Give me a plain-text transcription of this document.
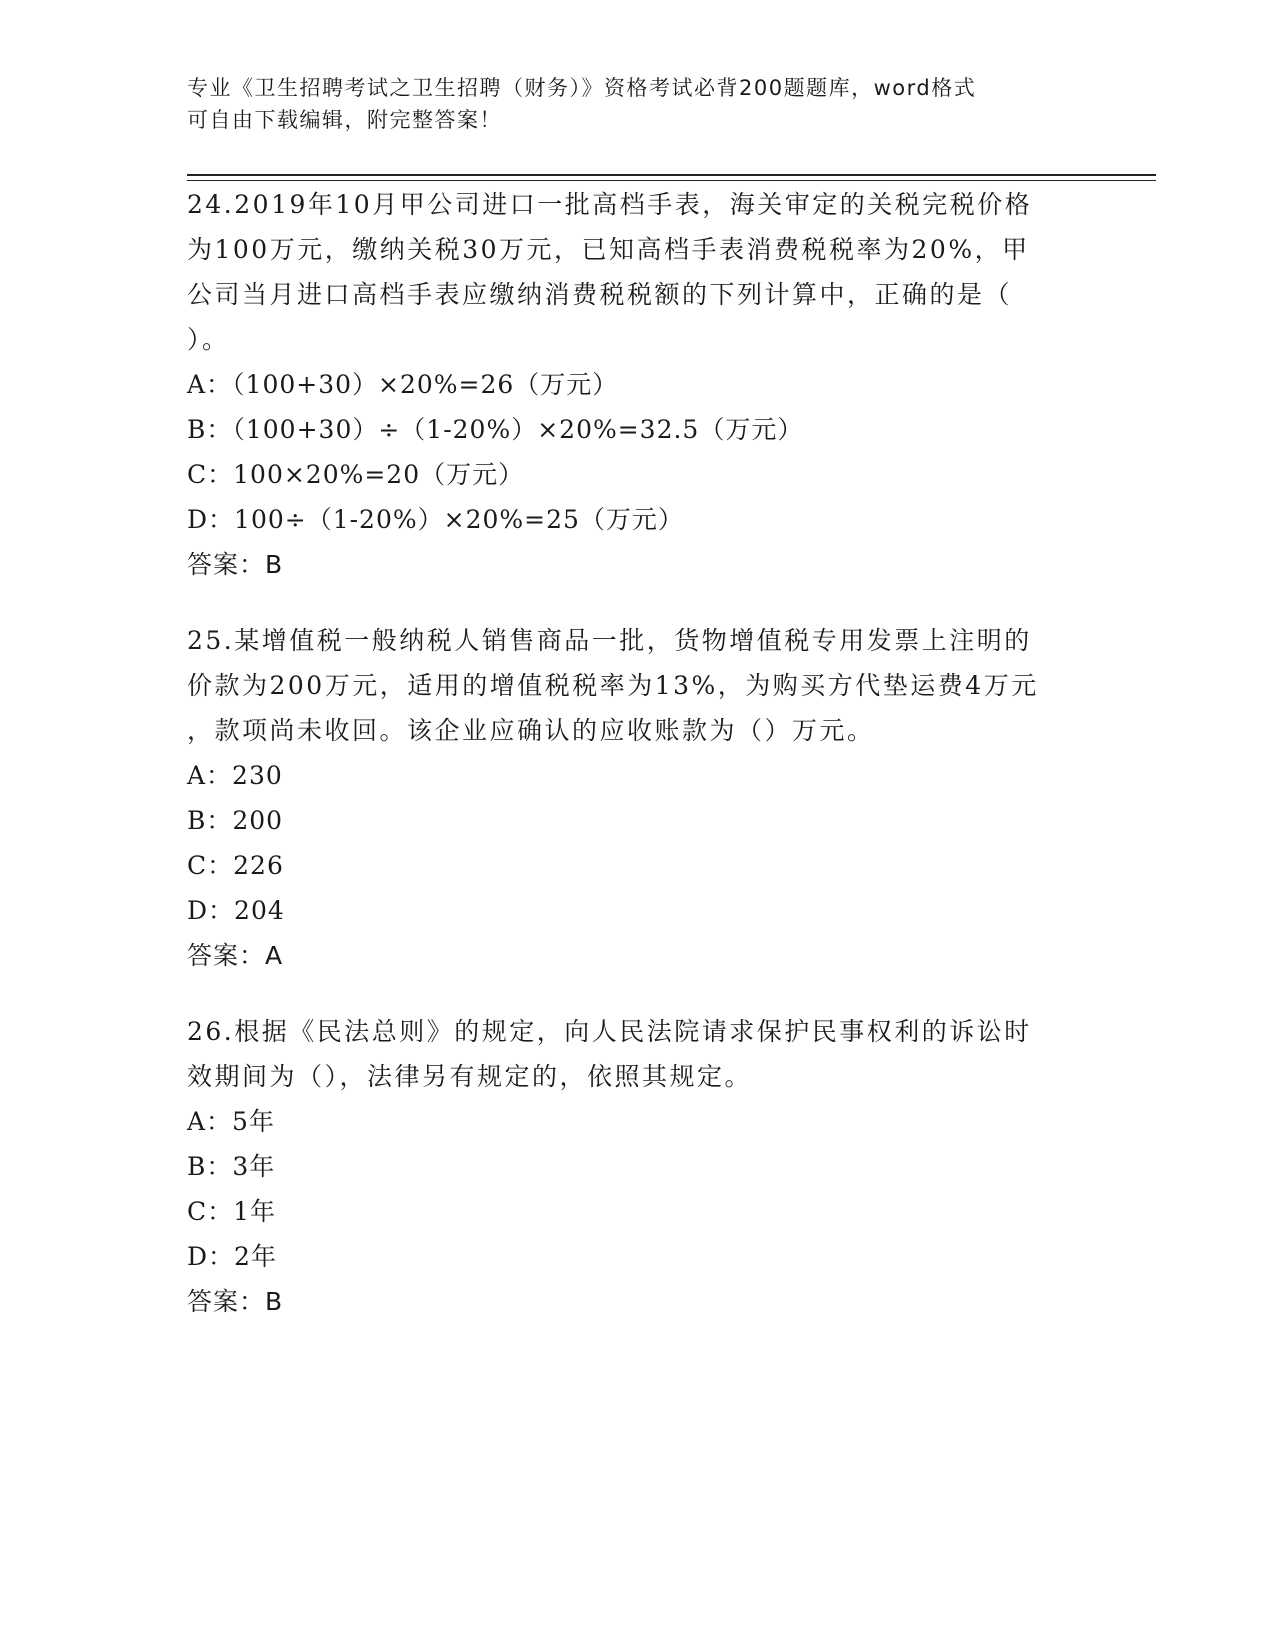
专业《卫生招聘考试之卫生招聘（财务）》资格考试必背200题题库，word格式
可自由下载编辑，附完整答案！
24.2019年10月甲公司进口一批高档手表，海关审定的关税完税价格
为100万元，缴纳关税30万元，已知高档手表消费税税率为20%，甲
公司当月进口高档手表应缴纳消费税税额的下列计算中，正确的是（
）。
A：（100+30）×20%=26（万元）
B：（100+30）÷（1-20%）×20%=32.5（万元）
C：100×20%=20（万元）
D：100÷（1-20%）×20%=25（万元）
答案：B
25.某增值税一般纳税人销售商品一批，货物增值税专用发票上注明的
价款为200万元，适用的增值税税率为13%，为购买方代垫运费4万元
，款项尚未收回。该企业应确认的应收账款为（）万元。
A：230
B：200
C：226
D：204
答案：A
26.根据《民法总则》的规定，向人民法院请求保护民事权利的诉讼时
效期间为（），法律另有规定的，依照其规定。
A：5年
B：3年
C：1年
D：2年
答案：B
